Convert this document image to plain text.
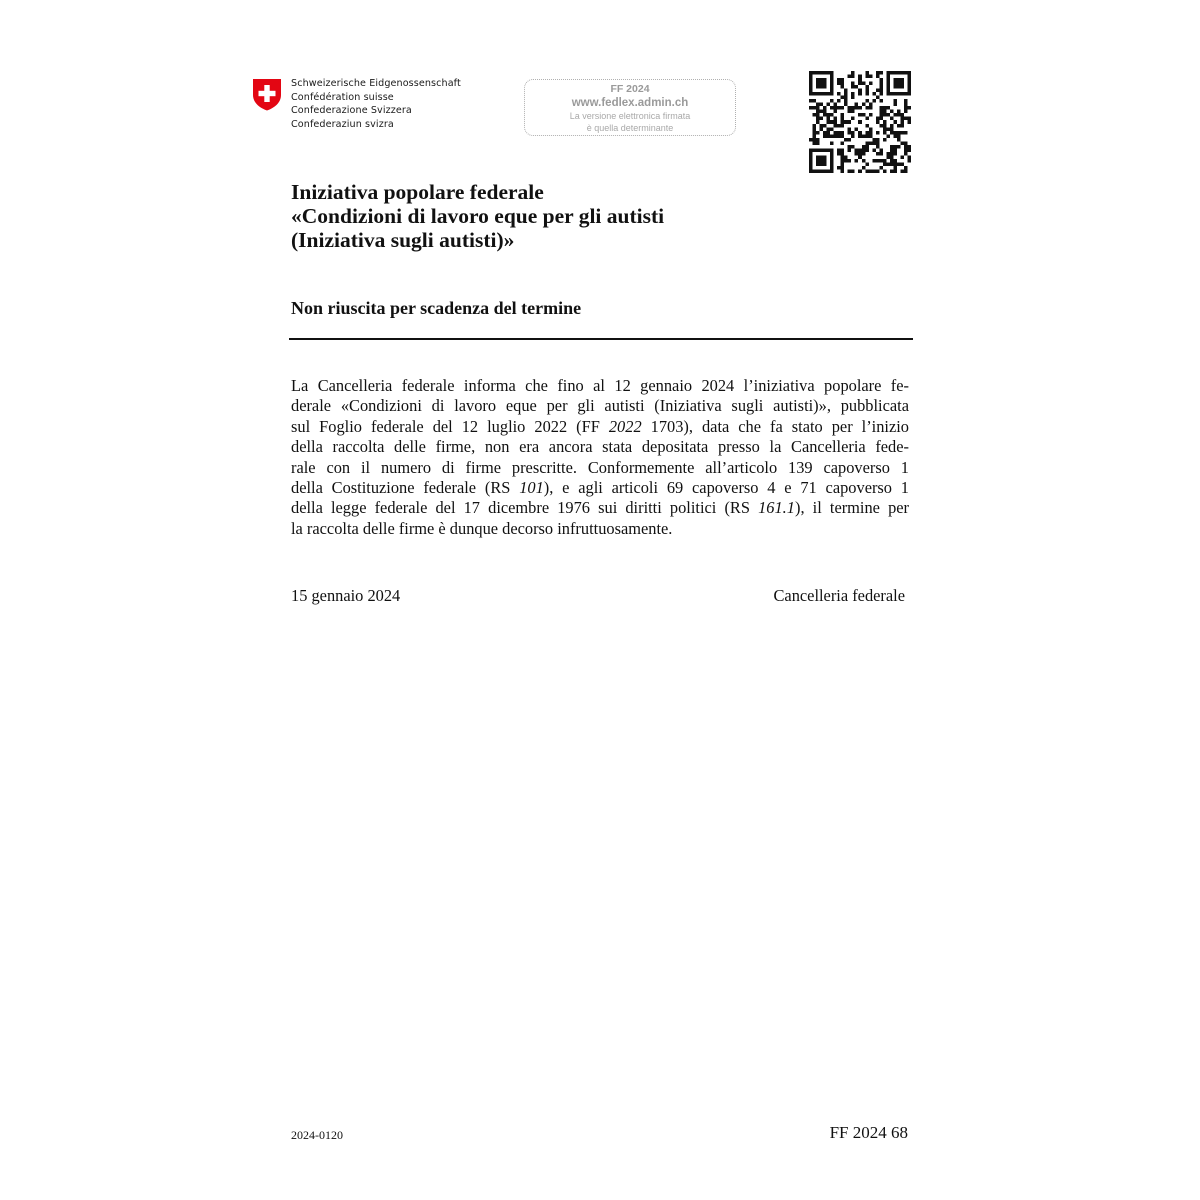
Schweizerische Eidgenossenschaft
Confédération suisse
Confederazione Svizzera
Confederaziun svizra
FF 2024
www.fedlex.admin.ch
La versione elettronica firmata
è quella determinante
Iniziativa popolare federale
«Condizioni di lavoro eque per gli autisti
(Iniziativa sugli autisti)»
Non riuscita per scadenza del termine
La Cancelleria federale informa che fino al 12 gennaio 2024 l’iniziativa popolare fe-
derale «Condizioni di lavoro eque per gli autisti (Iniziativa sugli autisti)», pubblicata
sul Foglio federale del 12 luglio 2022 (FF 2022 1703), data che fa stato per l’inizio
della raccolta delle firme, non era ancora stata depositata presso la Cancelleria fede-
rale con il numero di firme prescritte. Conformemente all’articolo 139 capoverso 1
della Costituzione federale (RS 101), e agli articoli 69 capoverso 4 e 71 capoverso 1
della legge federale del 17 dicembre 1976 sui diritti politici (RS 161.1), il termine per
la raccolta delle firme è dunque decorso infruttuosamente.
15 gennaio 2024	Cancelleria federale
2024-0120	FF 2024 68
